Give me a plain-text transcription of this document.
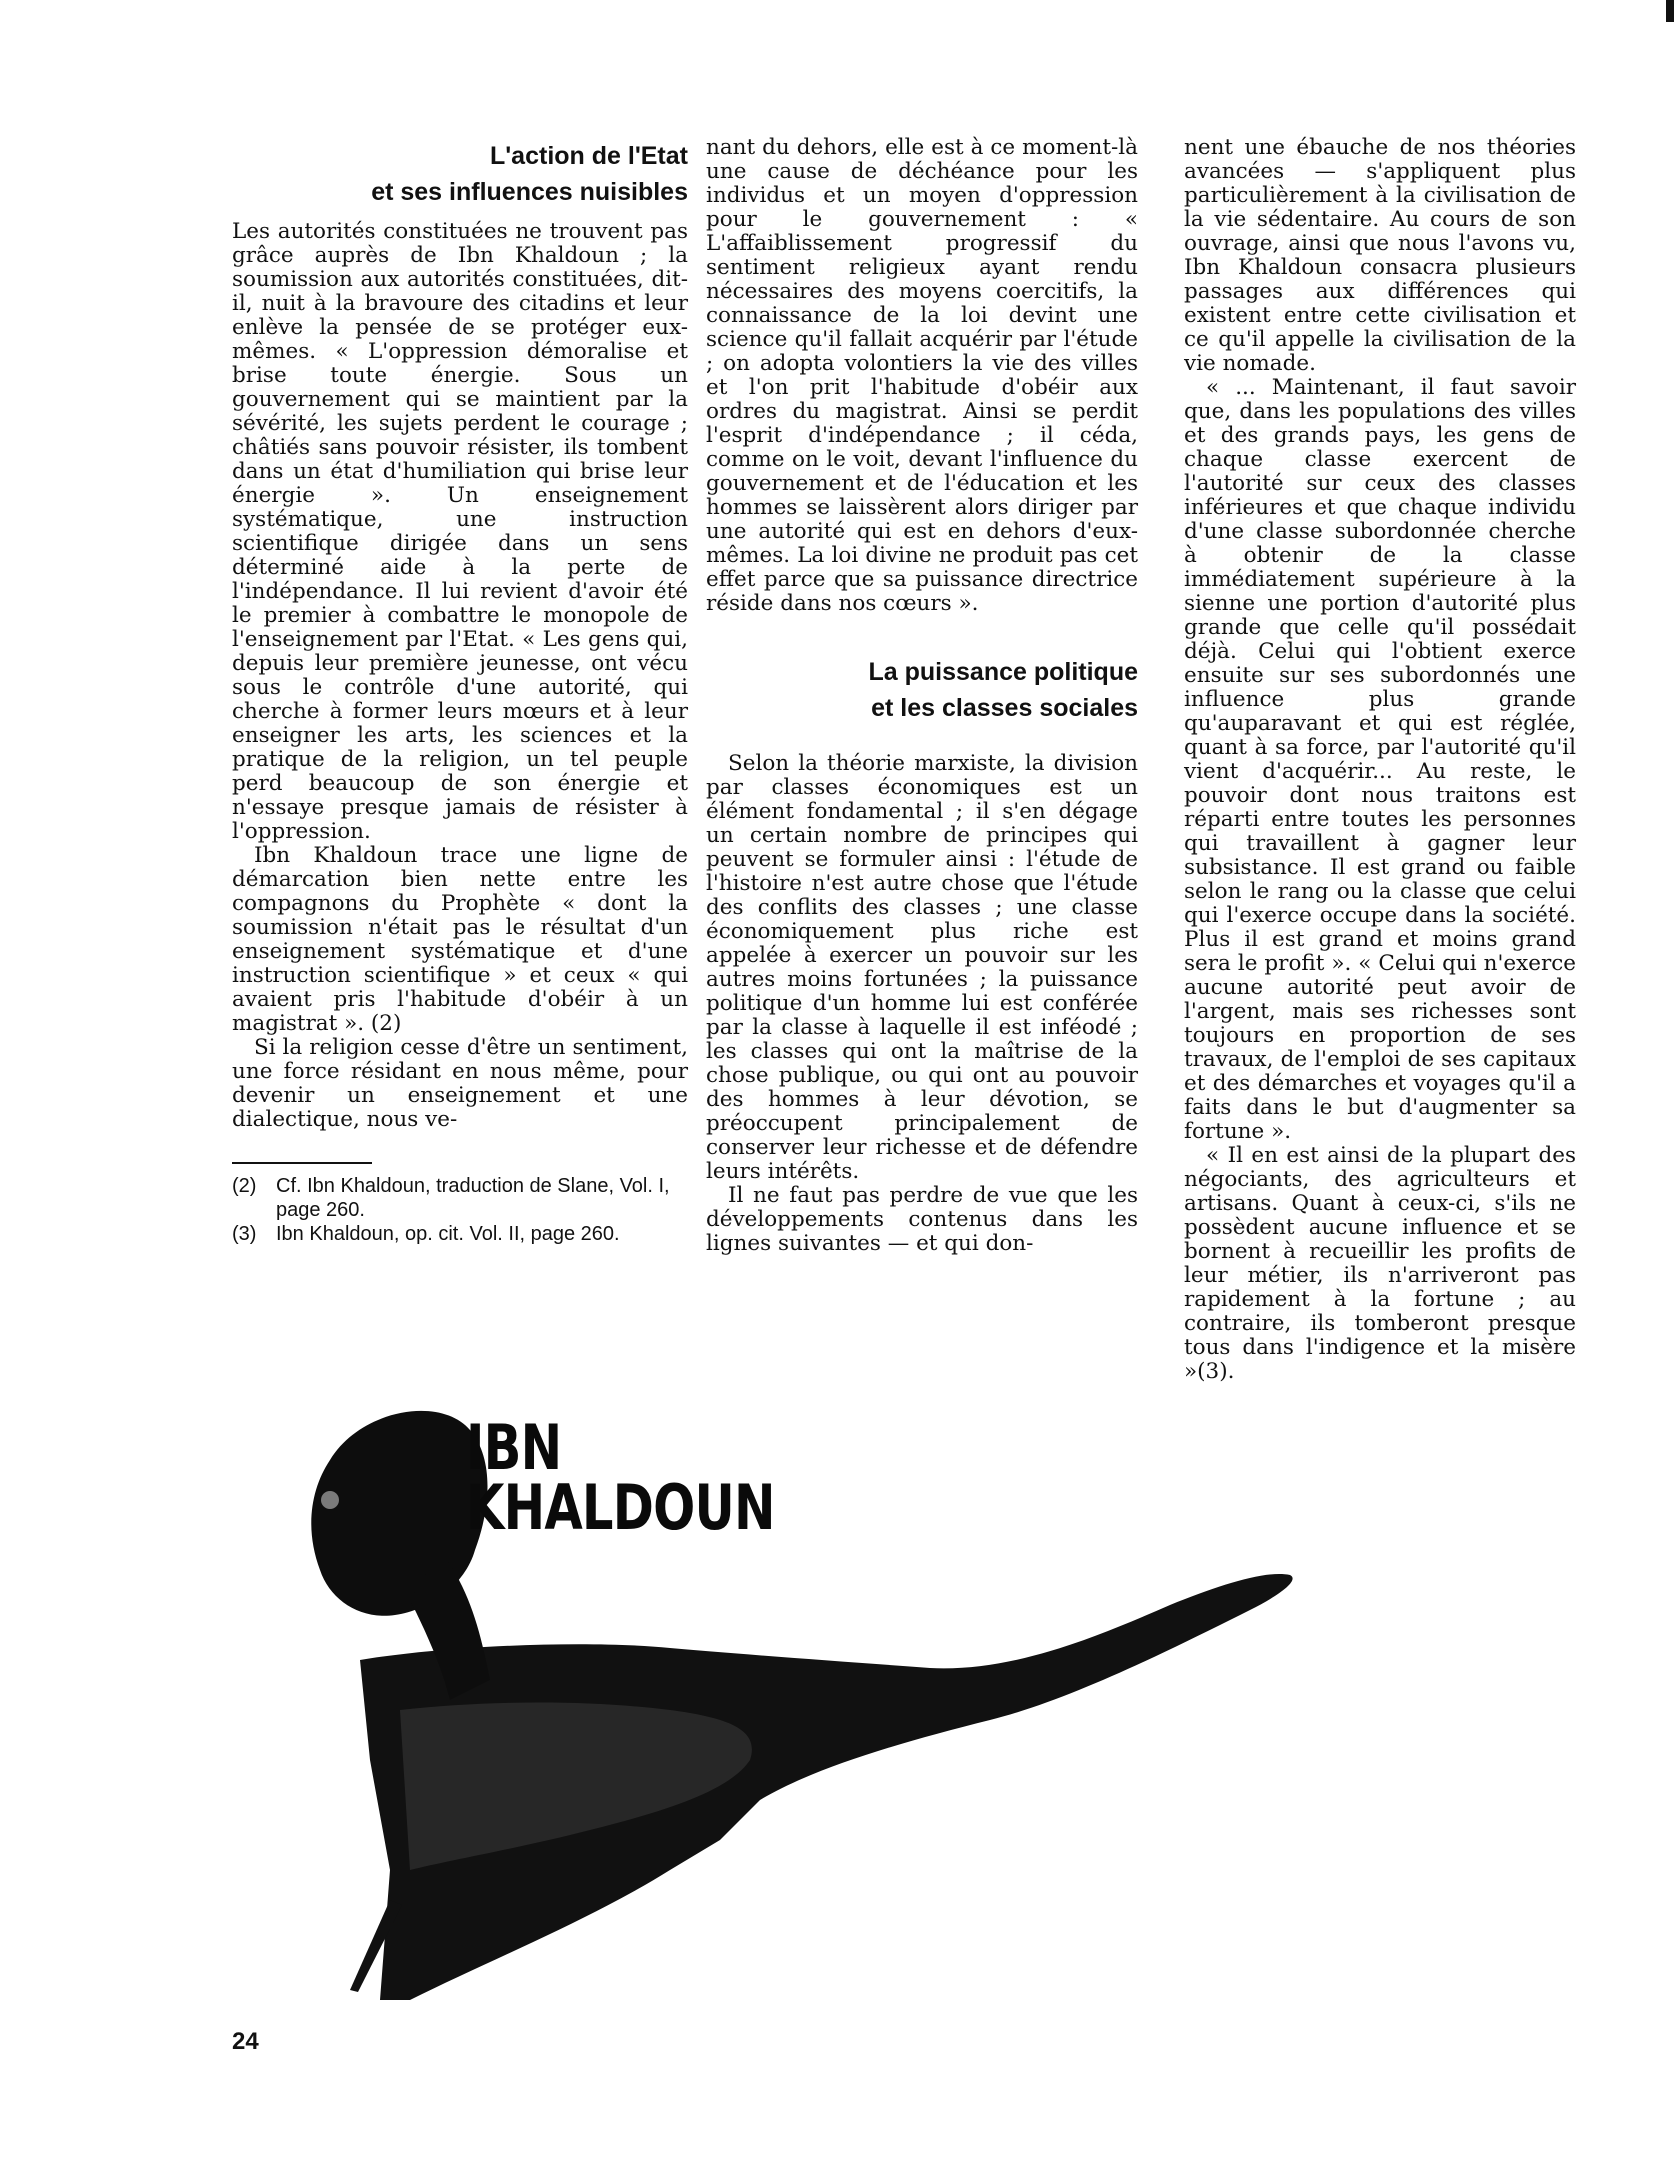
L'action de l'Etat

et ses influences nuisibles

Les autorités constituées ne trouvent pas grâce auprès de Ibn Khaldoun ; la soumission aux autorités constituées, dit-il, nuit à la bravoure des citadins et leur enlève la pensée de se protéger eux-mêmes. « L'oppression démoralise et brise toute énergie. Sous un gouvernement qui se maintient par la sévérité, les sujets perdent le courage ; châtiés sans pouvoir résister, ils tombent dans un état d'humiliation qui brise leur énergie ». Un enseignement systématique, une instruction scientifique dirigée dans un sens déterminé aide à la perte de l'indépendance. Il lui revient d'avoir été le premier à combattre le monopole de l'enseignement par l'Etat. « Les gens qui, depuis leur première jeunesse, ont vécu sous le contrôle d'une autorité, qui cherche à former leurs mœurs et à leur enseigner les arts, les sciences et la pratique de la religion, un tel peuple perd beaucoup de son énergie et n'essaye presque jamais de résister à l'oppression.

Ibn Khaldoun trace une ligne de démarcation bien nette entre les compagnons du Prophète « dont la soumission n'était pas le résultat d'un enseignement systématique et d'une instruction scientifique » et ceux « qui avaient pris l'habitude d'obéir à un magistrat ». (2)

Si la religion cesse d'être un sentiment, une force résidant en nous même, pour devenir un enseignement et une dialectique, nous ve-

(2) Cf. Ibn Khaldoun, traduction de Slane, Vol. I, page 260.
(3) Ibn Khaldoun, op. cit. Vol. II, page 260.

nant du dehors, elle est à ce moment-là une cause de déchéance pour les individus et un moyen d'oppression pour le gouvernement : « L'affaiblissement progressif du sentiment religieux ayant rendu nécessaires des moyens coercitifs, la connaissance de la loi devint une science qu'il fallait acquérir par l'étude ; on adopta volontiers la vie des villes et l'on prit l'habitude d'obéir aux ordres du magistrat. Ainsi se perdit l'esprit d'indépendance ; il céda, comme on le voit, devant l'influence du gouvernement et de l'éducation et les hommes se laissèrent alors diriger par une autorité qui est en dehors d'eux-mêmes. La loi divine ne produit pas cet effet parce que sa puissance directrice réside dans nos cœurs ».

La puissance politique

et les classes sociales

Selon la théorie marxiste, la division par classes économiques est un élément fondamental ; il s'en dégage un certain nombre de principes qui peuvent se formuler ainsi : l'étude de l'histoire n'est autre chose que l'étude des conflits des classes ; une classe économiquement plus riche est appelée à exercer un pouvoir sur les autres moins fortunées ; la puissance politique d'un homme lui est conférée par la classe à laquelle il est inféodé ; les classes qui ont la maîtrise de la chose publique, ou qui ont au pouvoir des hommes à leur dévotion, se préoccupent principalement de conserver leur richesse et de défendre leurs intérêts.

Il ne faut pas perdre de vue que les développements contenus dans les lignes suivantes — et qui don-

nent une ébauche de nos théories avancées — s'appliquent plus particulièrement à la civilisation de la vie sédentaire. Au cours de son ouvrage, ainsi que nous l'avons vu, Ibn Khaldoun consacra plusieurs passages aux différences qui existent entre cette civilisation et ce qu'il appelle la civilisation de la vie nomade.

« ... Maintenant, il faut savoir que, dans les populations des villes et des grands pays, les gens de chaque classe exercent de l'autorité sur ceux des classes inférieures et que chaque individu d'une classe subordonnée cherche à obtenir de la classe immédiatement supérieure à la sienne une portion d'autorité plus grande que celle qu'il possédait déjà. Celui qui l'obtient exerce ensuite sur ses subordonnés une influence plus grande qu'auparavant et qui est réglée, quant à sa force, par l'autorité qu'il vient d'acquérir... Au reste, le pouvoir dont nous traitons est réparti entre toutes les personnes qui travaillent à gagner leur subsistance. Il est grand ou faible selon le rang ou la classe que celui qui l'exerce occupe dans la société. Plus il est grand et moins grand sera le profit ». « Celui qui n'exerce aucune autorité peut avoir de l'argent, mais ses richesses sont toujours en proportion de ses travaux, de l'emploi de ses capitaux et des démarches et voyages qu'il a faits dans le but d'augmenter sa fortune ».

« Il en est ainsi de la plupart des négociants, des agriculteurs et artisans. Quant à ceux-ci, s'ils ne possèdent aucune influence et se bornent à recueillir les profits de leur métier, ils n'arriveront pas rapidement à la fortune ; au contraire, ils tomberont presque tous dans l'indigence et la misère »(3).

IBN
KHALDOUN
24
